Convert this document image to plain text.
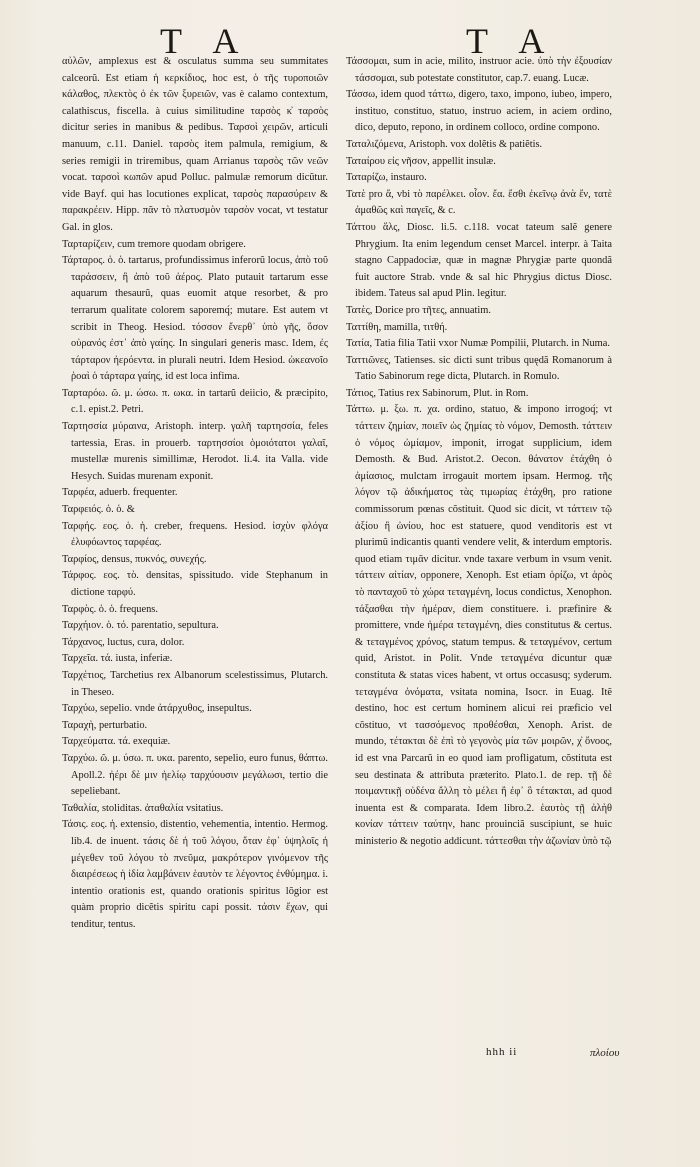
T A	T A

αὐλῶν, amplexus est & osculatus summa seu summitates calceorũ. Est etiam ἡ κερκίδιος, hoc est, ὁ τῆς τυροποιῶν κάλαθος, πλεκτὸς ὁ ἐκ τῶν ξυρειῶν, vas è calamo contextum, calathiscus, fiscella. à cuius similitudine ταρσὸς κ̓ ταρσὸς dicitur series in manibus & pedibus. Ταρσοὶ χειρῶν, articuli manuum, c.11. Daniel. ταρσὸς item palmula, remigium, & series remigii in triremibus, quam Arrianus ταρσὸς τῶν νεῶν vocat. ταρσοὶ κωπῶν apud Polluc. palmulæ remorum dicũtur. vide Bayf. qui has locutiones explicat, ταρσὸς παρασύρειν & παρακρέειν. Hipp. πᾶν τὸ πλατυσμὸν ταρσὸν vocat, vt testatur Gal. in glos.

Ταρταρίζειν, cum tremore quodam obrigere.

Τάρταρος. ὁ. ὁ. tartarus, profundissimus inferorũ locus, ἀπὸ τοῦ ταράσσειν, ἢ ἀπὸ τοῦ ἀέρος. Plato putauit tartarum esse aquarum thesaurũ, quas euomit atque resorbet, & pro terrarum qualitate colorem saporemq́; mutare. Est autem vt scribit in Theog. Hesiod. τόσσον ἔνερθ᾽ ὑπὸ γῆς, ὅσον οὐρανός ἐστ᾽ ἀπὸ γαίης. In singulari generis masc. Idem, ἐς τάρταρον ἠερόεντα. in plurali neutri. Idem Hesiod. ὠκεανοῖο ῥοαὶ ὁ τάρταρα γαίης, id est loca infima.

Ταρταρόω. ῶ. μ. ώσω. π. ωκα. in tartarũ deiicio, & præcipito, c.1. epist.2. Petri.

Ταρτησσία μύραινα, Aristoph. interp. γαλῆ ταρτησσία, feles tartessia, Eras. in prouerb. ταρτησσίοι ὁμοιότατοι γαλαῖ, mustellæ murenis simillimæ, Herodot. li.4. ita Valla. vide Hesych. Suidas murenam exponit.

Ταρφέα, aduerb. frequenter.

Ταρφειός. ὁ. ὁ. &

Ταρφής. εος. ὁ. ἡ. creber, frequens. Hesiod. ἰσχὺν φλόγα ἐλυφόωντος ταρφέας.

Ταρφίος, densus, πυκνός, συνεχής.

Τάρφος. εος. τὸ. densitas, spissitudo. vide Stephanum in dictione ταρφύ.

Ταρφὸς. ὁ. ὁ. frequens.

Ταρχήιον. ὁ. τό. parentatio, sepultura.

Τάρχανος, luctus, cura, dolor.

Ταρχεῖα. τά. iusta, inferiæ.

Ταρχέτιος, Tarchetius rex Albanorum scelestissimus, Plutarch. in Theseo.

Ταρχύω, sepelio. vnde ἀτάρχυθος, insepultus.

Ταραχὴ, perturbatio.

Ταρχεύματα. τά. exequiæ.

Ταρχύω. ῶ. μ. ύσω. π. υκα. parento, sepelio, euro funus, θάπτω. Apoll.2. ἠέρι δὲ μιν ἠελίῳ ταρχύουσιν μεγάλωσι, tertio die sepeliebant.

Ταθαλία, stoliditas. ἀταθαλία vsitatius.

Τάσις. εος. ἡ. extensio, distentio, vehementia, intentio. Hermog. lib.4. de inuent. τάσις δὲ ἡ τοῦ λόγου, ὅταν ἐφ᾽ ὑψηλοῖς ἡ μέγεθεν τοῦ λόγου τὸ πνεῦμα, μακρότερον γινόμενον τῆς διαιρέσεως ἡ ἰδία λαμβάνειν ἑαυτὸν τε λέγοντος ἐνθύμημα. i. intentio orationis est, quando orationis spiritus lõgior est quàm proprio dicẽtis spiritu capi possit. τάσιν ἔχων, qui tenditur, tentus.

Τάσσομαι, sum in acie, milito, instruor acie. ὑπὸ τὴν ἐξουσίαν τάσσομαι, sub potestate constitutor, cap.7. euang. Lucæ.

Τάσσω, idem quod τάττω, digero, taxo, impono, iubeo, impero, instituo, constituo, statuo, instruo aciem, in aciem ordino, dico, deputo, repono, in ordinem colloco, ordine compono.

Ταταλιζόμενα, Aristoph. vox dolẽtis & patiẽtis.

Ταταίρου εἰς νῆσον, appellit insulæ.

Ταταρίζω, instauro.

Τατὲ pro ἄ, vbi τὸ παρέλκει. οἷον. ἔα. ἔσθι ἐκεῖνῳ ἀνὰ ἔν, τατὲ ἀμαθῶς καὶ παγεῖς, & c.

Τάττου ἅλς, Diosc. li.5. c.118. vocat tateum salẽ genere Phrygium. Ita enim legendum censet Marcel. interpr. à Taita stagno Cappadociæ, quæ in magnæ Phrygiæ parte quondã fuit auctore Strab. vnde & sal hic Phrygius dictus Diosc. ibidem. Tateus sal apud Plin. legitur.

Τατὲς, Dorice pro τῆτες, annuatim.

Ταττίθη, mamilla, τιτθή.

Τατία, Tatia filia Tatii vxor Numæ Pompilii, Plutarch. in Numa.

Ταττιῶνες, Tatienses. sic dicti sunt tribus quędã Romanorum à Tatio Sabinorum rege dicta, Plutarch. in Romulo.

Τάτιος, Tatius rex Sabinorum, Plut. in Rom.

Τάττω. μ. ξω. π. χα. ordino, statuo, & impono irrogoq́; vt τάττειν ζημίαν, ποιεῖν ὡς ζημίας τὸ νόμον, Demosth. τάττειν ὁ νόμος ὠμίαμον, imponit, irrogat supplicium, idem Demosth. & Bud. Aristot.2. Oecon. θάνατον ἐτάχθη ὁ ἀμίασιος, mulctam irrogauit mortem ipsam. Hermog. τῆς λόγον τῷ ἀδικήματος τὰς τιμωρίας ἐτάχθη, pro ratione commissorum pœnas cõstituit. Quod sic dicit, vt τάττειν τῷ ἀξίου ἢ ὠνίου, hoc est statuere, quod venditoris est vt plurimũ indicantis quanti vendere velit, & interdum emptoris. quod etiam τιμᾶν dicitur. vnde taxare verbum in vsum venit. τάττειν αἰτίαν, opponere, Xenoph. Est etiam ὁρίζω, vt ἀρὸς τὸ πανταχοῦ τὸ χώρα τεταγμένη, locus condictus, Xenophon. τάξασθαι τὴν ἡμέραν, diem constituere. i. præfinire & promittere, vnde ἡμέρα τεταγμένη, dies constitutus & certus. & τεταγμένος χρόνος, statum tempus. & τεταγμένον, certum quid, Aristot. in Polit. Vnde τεταγμένα dicuntur quæ constituta & statas vices habent, vt ortus occasusq; syderum. τεταγμένα ὀνόματα, vsitata nomina, Isocr. in Euag. Itẽ destino, hoc est certum hominem alicui rei præficio vel cõstituo, vt τασσόμενος προθέσθαι, Xenoph. Arist. de mundo, τέτακται δὲ ἐπὶ τὸ γεγονὸς μία τῶν μοιρῶν, χ̓ ὄνοος, id est vna Parcarũ in eo quod iam profligatum, cõstituta est seu destinata & attributa præterito. Plato.1. de rep. τῇ δὲ ποιμαντικῇ οὐδένα ἄλλη τὸ μέλει ἢ ἐφ᾽ ὃ τέτακται, ad quod inuenta est & comparata. Idem libro.2. ἑαυτὸς τῇ ἀλὴθ κονίαν τάττειν ταύτην, hanc prouinciã suscipiunt, se huic ministerio & negotio addicunt. τάττεσθαι τὴν ἀζωνίαν ὑπὸ τῷ

hhh ii	πλοίου
